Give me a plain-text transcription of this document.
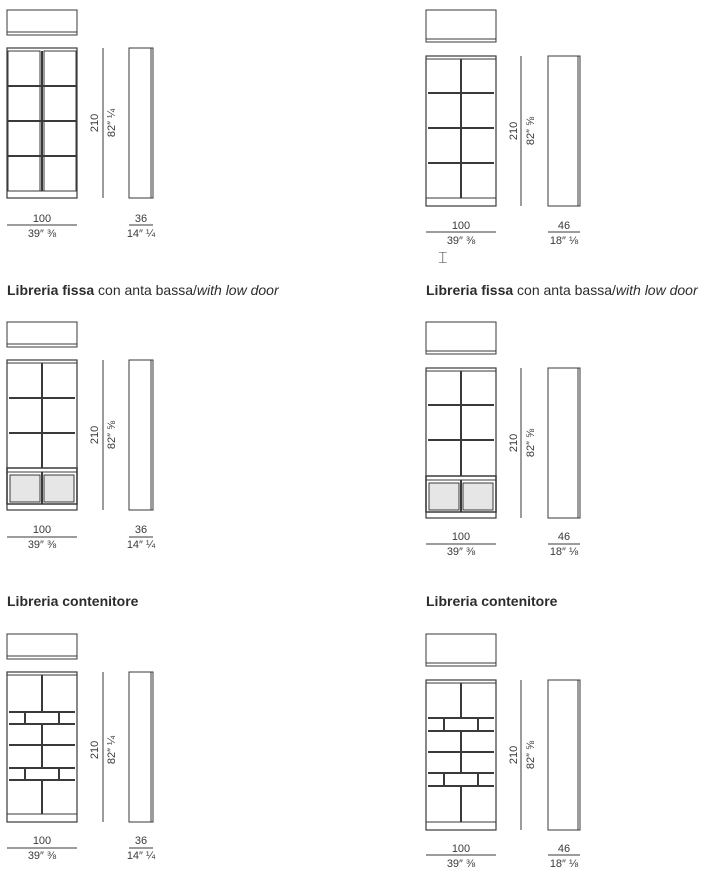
Libreria fissa con anta bassa/with low door	Libreria fissa con anta bassa/with low door
Libreria contenitore	Libreria contenitore
⌶
210 82″ ¼
100
39″ ⅜
36
14″ ¼
210 82″ ⅝
100
39″ ⅜
46
18″ ⅛
210 82″ ⅝
100
39″ ⅜
36
14″ ¼
210 82″ ⅝
100
39″ ⅜
46
18″ ⅛
210 82″ ¼
100
39″ ⅜
36
14″ ¼
210 82″ ⅝
100
39″ ⅜
46
18″ ⅛
